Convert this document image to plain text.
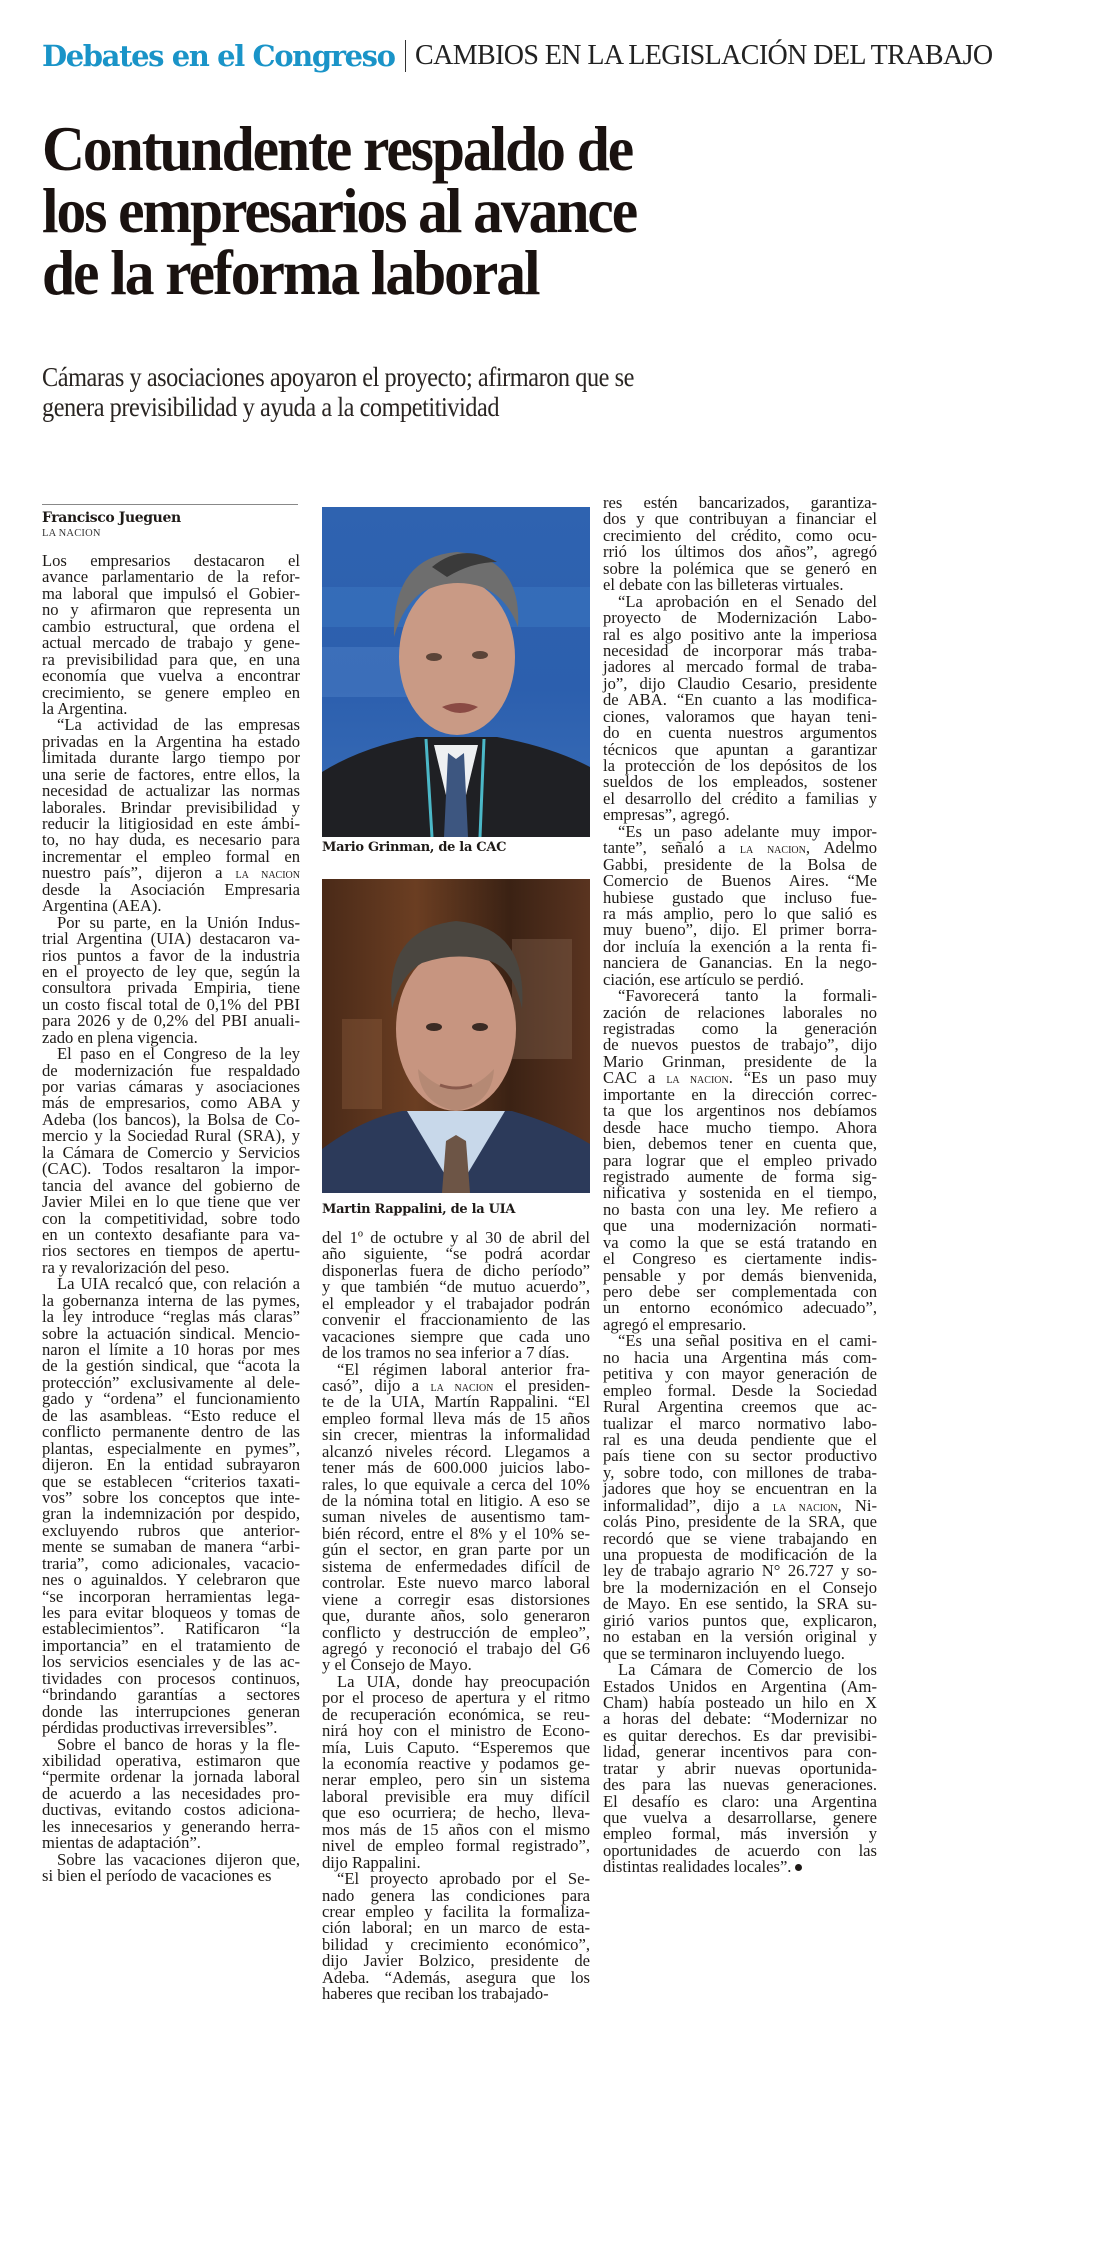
Debates en el Congreso CAMBIOS EN LA LEGISLACIÓN DEL TRABAJO
Contundente respaldo de
los empresarios al avance
de la reforma laboral
Cámaras y asociaciones apoyaron el proyecto; afirmaron que se
genera previsibilidad y ayuda a la competitividad
Francisco Jueguen
LA NACION
Los empresarios destacaron el
avance parlamentario de la refor-
ma laboral que impulsó el Gobier-
no y afirmaron que representa un
cambio estructural, que ordena el
actual mercado de trabajo y gene-
ra previsibilidad para que, en una
economía que vuelva a encontrar
crecimiento, se genere empleo en
la Argentina.
“La actividad de las empresas
privadas en la Argentina ha estado
limitada durante largo tiempo por
una serie de factores, entre ellos, la
necesidad de actualizar las normas
laborales. Brindar previsibilidad y
reducir la litigiosidad en este ámbi-
to, no hay duda, es necesario para
incrementar el empleo formal en
nuestro país”, dijeron a la nacion
desde la Asociación Empresaria
Argentina (AEA).
Por su parte, en la Unión Indus-
trial Argentina (UIA) destacaron va-
rios puntos a favor de la industria
en el proyecto de ley que, según la
consultora privada Empiria, tiene
un costo fiscal total de 0,1% del PBI
para 2026 y de 0,2% del PBI anuali-
zado en plena vigencia.
El paso en el Congreso de la ley
de modernización fue respaldado
por varias cámaras y asociaciones
más de empresarios, como ABA y
Adeba (los bancos), la Bolsa de Co-
mercio y la Sociedad Rural (SRA), y
la Cámara de Comercio y Servicios
(CAC). Todos resaltaron la impor-
tancia del avance del gobierno de
Javier Milei en lo que tiene que ver
con la competitividad, sobre todo
en un contexto desafiante para va-
rios sectores en tiempos de apertu-
ra y revalorización del peso.
La UIA recalcó que, con relación a
la gobernanza interna de las pymes,
la ley introduce “reglas más claras”
sobre la actuación sindical. Mencio-
naron el límite a 10 horas por mes
de la gestión sindical, que “acota la
protección” exclusivamente al dele-
gado y “ordena” el funcionamiento
de las asambleas. “Esto reduce el
conflicto permanente dentro de las
plantas, especialmente en pymes”,
dijeron. En la entidad subrayaron
que se establecen “criterios taxati-
vos” sobre los conceptos que inte-
gran la indemnización por despido,
excluyendo rubros que anterior-
mente se sumaban de manera “arbi-
traria”, como adicionales, vacacio-
nes o aguinaldos. Y celebraron que
“se incorporan herramientas lega-
les para evitar bloqueos y tomas de
establecimientos”. Ratificaron “la
importancia” en el tratamiento de
los servicios esenciales y de las ac-
tividades con procesos continuos,
“brindando garantías a sectores
donde las interrupciones generan
pérdidas productivas irreversibles”.
Sobre el banco de horas y la fle-
xibilidad operativa, estimaron que
“permite ordenar la jornada laboral
de acuerdo a las necesidades pro-
ductivas, evitando costos adiciona-
les innecesarios y generando herra-
mientas de adaptación”.
Sobre las vacaciones dijeron que,
si bien el período de vacaciones es
del 1º de octubre y al 30 de abril del
año siguiente, “se podrá acordar
disponerlas fuera de dicho período”
y que también “de mutuo acuerdo”,
el empleador y el trabajador podrán
convenir el fraccionamiento de las
vacaciones siempre que cada uno
de los tramos no sea inferior a 7 días.
“El régimen laboral anterior fra-
casó”, dijo a la nacion el presiden-
te de la UIA, Martín Rappalini. “El
empleo formal lleva más de 15 años
sin crecer, mientras la informalidad
alcanzó niveles récord. Llegamos a
tener más de 600.000 juicios labo-
rales, lo que equivale a cerca del 10%
de la nómina total en litigio. A eso se
suman niveles de ausentismo tam-
bién récord, entre el 8% y el 10% se-
gún el sector, en gran parte por un
sistema de enfermedades difícil de
controlar. Este nuevo marco laboral
viene a corregir esas distorsiones
que, durante años, solo generaron
conflicto y destrucción de empleo”,
agregó y reconoció el trabajo del G6
y el Consejo de Mayo.
La UIA, donde hay preocupación
por el proceso de apertura y el ritmo
de recuperación económica, se reu-
nirá hoy con el ministro de Econo-
mía, Luis Caputo. “Esperemos que
la economía reactive y podamos ge-
nerar empleo, pero sin un sistema
laboral previsible era muy difícil
que eso ocurriera; de hecho, lleva-
mos más de 15 años con el mismo
nivel de empleo formal registrado”,
dijo Rappalini.
“El proyecto aprobado por el Se-
nado genera las condiciones para
crear empleo y facilita la formaliza-
ción laboral; en un marco de esta-
bilidad y crecimiento económico”,
dijo Javier Bolzico, presidente de
Adeba. “Además, asegura que los
haberes que reciban los trabajado-
res estén bancarizados, garantiza-
dos y que contribuyan a financiar el
crecimiento del crédito, como ocu-
rrió los últimos dos años”, agregó
sobre la polémica que se generó en
el debate con las billeteras virtuales.
“La aprobación en el Senado del
proyecto de Modernización Labo-
ral es algo positivo ante la imperiosa
necesidad de incorporar más traba-
jadores al mercado formal de traba-
jo”, dijo Claudio Cesario, presidente
de ABA. “En cuanto a las modifica-
ciones, valoramos que hayan teni-
do en cuenta nuestros argumentos
técnicos que apuntan a garantizar
la protección de los depósitos de los
sueldos de los empleados, sostener
el desarrollo del crédito a familias y
empresas”, agregó.
“Es un paso adelante muy impor-
tante”, señaló a la nacion, Adelmo
Gabbi, presidente de la Bolsa de
Comercio de Buenos Aires. “Me
hubiese gustado que incluso fue-
ra más amplio, pero lo que salió es
muy bueno”, dijo. El primer borra-
dor incluía la exención a la renta fi-
nanciera de Ganancias. En la nego-
ciación, ese artículo se perdió.
“Favorecerá tanto la formali-
zación de relaciones laborales no
registradas como la generación
de nuevos puestos de trabajo”, dijo
Mario Grinman, presidente de la
CAC a la nacion. “Es un paso muy
importante en la dirección correc-
ta que los argentinos nos debíamos
desde hace mucho tiempo. Ahora
bien, debemos tener en cuenta que,
para lograr que el empleo privado
registrado aumente de forma sig-
nificativa y sostenida en el tiempo,
no basta con una ley. Me refiero a
que una modernización normati-
va como la que se está tratando en
el Congreso es ciertamente indis-
pensable y por demás bienvenida,
pero debe ser complementada con
un entorno económico adecuado”,
agregó el empresario.
“Es una señal positiva en el cami-
no hacia una Argentina más com-
petitiva y con mayor generación de
empleo formal. Desde la Sociedad
Rural Argentina creemos que ac-
tualizar el marco normativo labo-
ral es una deuda pendiente que el
país tiene con su sector productivo
y, sobre todo, con millones de traba-
jadores que hoy se encuentran en la
informalidad”, dijo a la nacion, Ni-
colás Pino, presidente de la SRA, que
recordó que se viene trabajando en
una propuesta de modificación de la
ley de trabajo agrario N° 26.727 y so-
bre la modernización en el Consejo
de Mayo. En ese sentido, la SRA su-
girió varios puntos que, explicaron,
no estaban en la versión original y
que se terminaron incluyendo luego.
La Cámara de Comercio de los
Estados Unidos en Argentina (Am-
Cham) había posteado un hilo en X
a horas del debate: “Modernizar no
es quitar derechos. Es dar previsibi-
lidad, generar incentivos para con-
tratar y abrir nuevas oportunida-
des para las nuevas generaciones.
El desafío es claro: una Argentina
que vuelva a desarrollarse, genere
empleo formal, más inversión y
oportunidades de acuerdo con las
distintas realidades locales”.
Mario Grinman, de la CAC
Martin Rappalini, de la UIA
